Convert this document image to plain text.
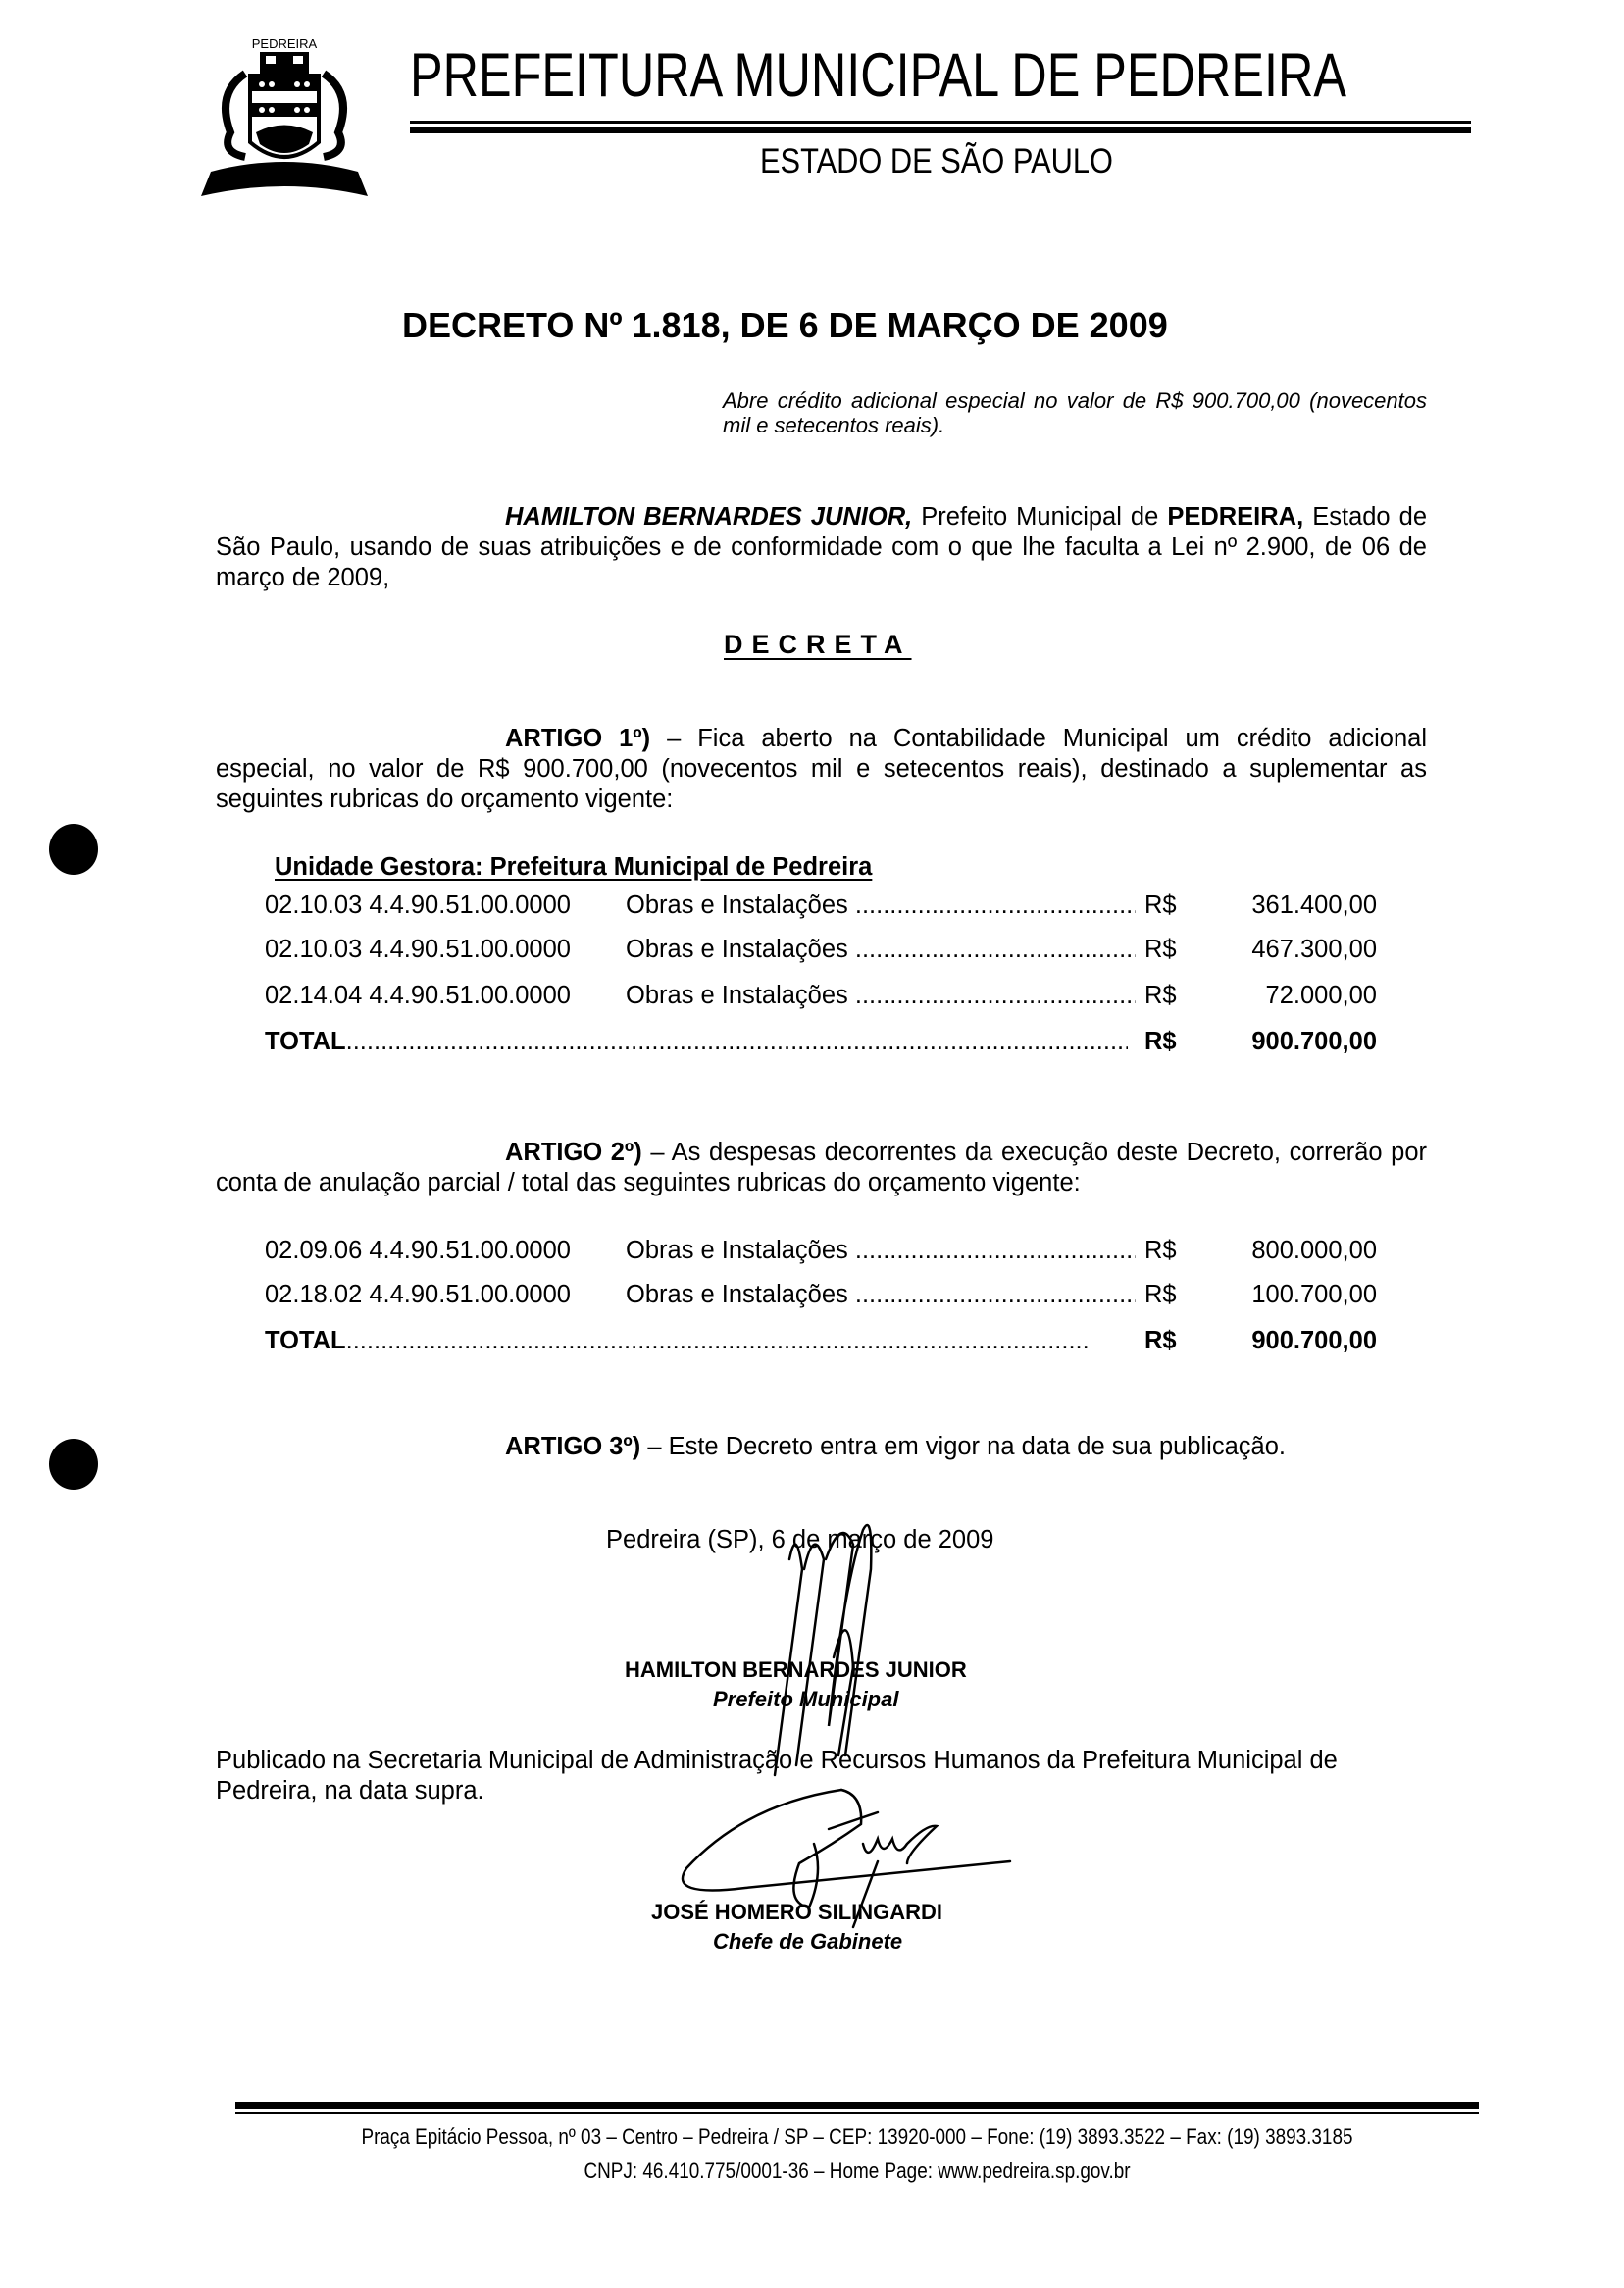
PEDREIRA PREFEITURA MUNICIPAL DE PEDREIRA
ESTADO DE SÃO PAULO
DECRETO Nº 1.818, DE 6 DE MARÇO DE 2009
Abre crédito adicional especial no valor de R$ 900.700,00 (novecentos mil e setecentos reais).
HAMILTON BERNARDES JUNIOR, Prefeito Municipal de PEDREIRA, Estado de São Paulo, usando de suas atribuições e de conformidade com o que lhe faculta a Lei nº 2.900, de 06 de março de 2009,
DECRETA
ARTIGO 1º) – Fica aberto na Contabilidade Municipal um crédito adicional especial, no valor de R$ 900.700,00 (novecentos mil e setecentos reais), destinado a suplementar as seguintes rubricas do orçamento vigente:
Unidade Gestora: Prefeitura Municipal de Pedreira
02.10.03 4.4.90.51.00.0000 Obras e Instalações .....	R$	361.400,00
02.10.03 4.4.90.51.00.0000 Obras e Instalações .....	R$	467.300,00
02.14.04 4.4.90.51.00.0000 Obras e Instalações .....	R$	72.000,00
TOTAL .....	R$	900.700,00
ARTIGO 2º) – As despesas decorrentes da execução deste Decreto, correrão por conta de anulação parcial / total das seguintes rubricas do orçamento vigente:
02.09.06 4.4.90.51.00.0000 Obras e Instalações .....	R$	800.000,00
02.18.02 4.4.90.51.00.0000 Obras e Instalações .....	R$	100.700,00
TOTAL .....	R$	900.700,00
ARTIGO 3º) – Este Decreto entra em vigor na data de sua publicação.
Pedreira (SP), 6 de março de 2009
HAMILTON BERNARDES JUNIOR
Prefeito Municipal
Publicado na Secretaria Municipal de Administração e Recursos Humanos da Prefeitura Municipal de Pedreira, na data supra.
JOSÉ HOMERO SILINGARDI
Chefe de Gabinete
Praça Epitácio Pessoa, nº 03 – Centro – Pedreira / SP – CEP: 13920-000 – Fone: (19) 3893.3522 – Fax: (19) 3893.3185
CNPJ: 46.410.775/0001-36 – Home Page: www.pedreira.sp.gov.br
